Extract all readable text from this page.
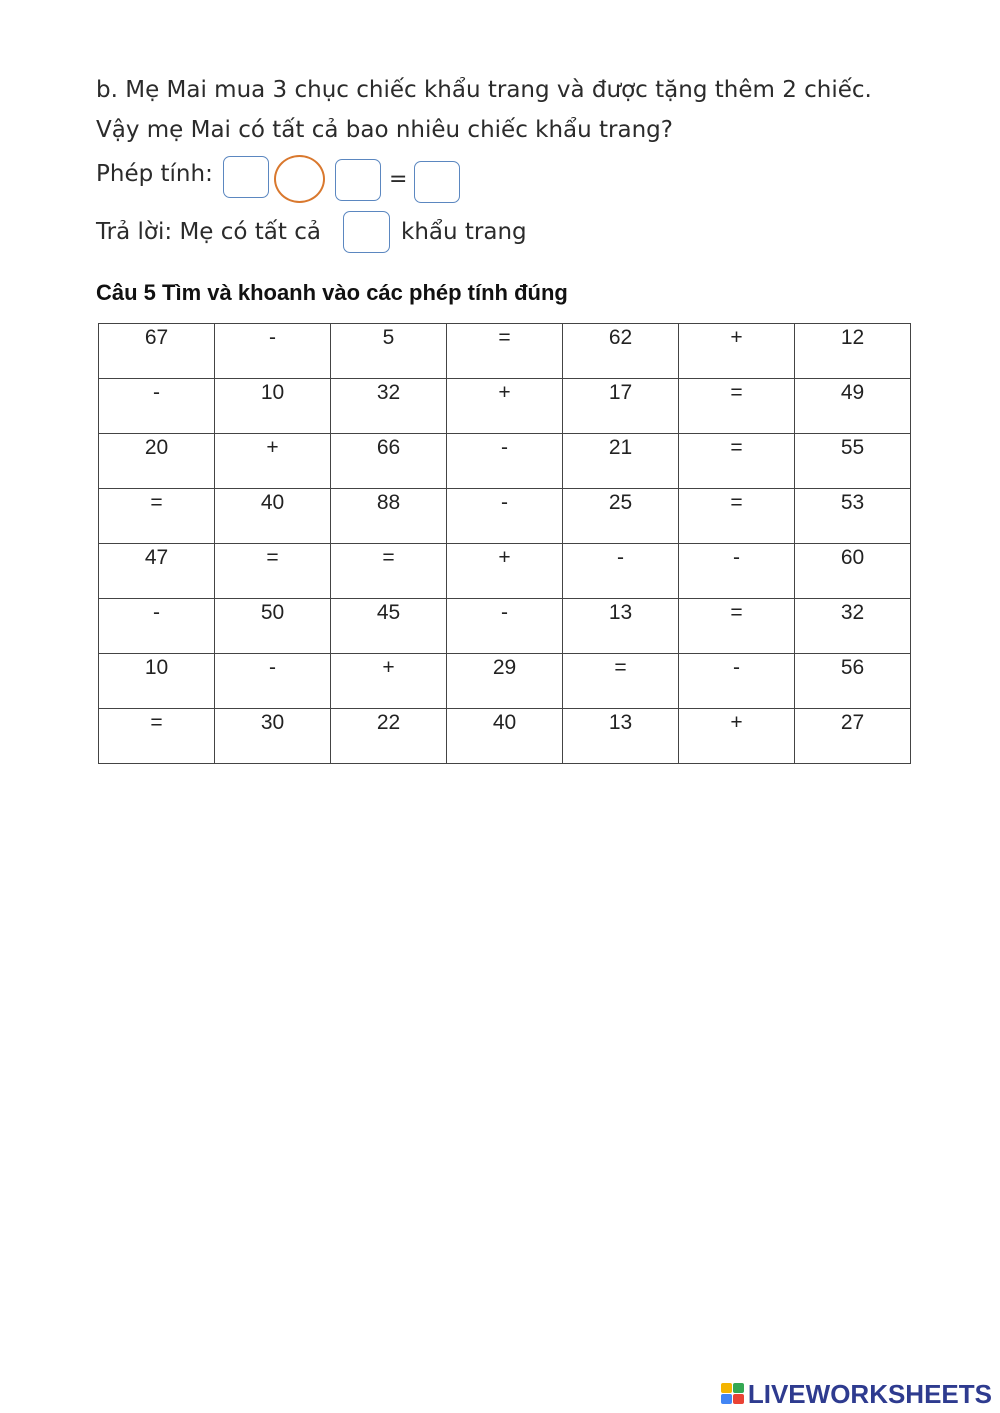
b. Mẹ Mai mua 3 chục chiếc khẩu trang và được tặng thêm 2 chiếc.
Vậy mẹ Mai có tất cả bao nhiêu chiếc khẩu trang?
Phép tính:	=
Trả lời: Mẹ có tất cả	khẩu trang
Câu 5 Tìm và khoanh vào các phép tính đúng
67	-	5	=	62	+	12
-	10	32	+	17	=	49
20	+	66	-	21	=	55
=	40	88	-	25	=	53
47	=	=	+	-	-	60
-	50	45	-	13	=	32
10	-	+	29	=	-	56
=	30	22	40	13	+	27
LIVEWORKSHEETS
